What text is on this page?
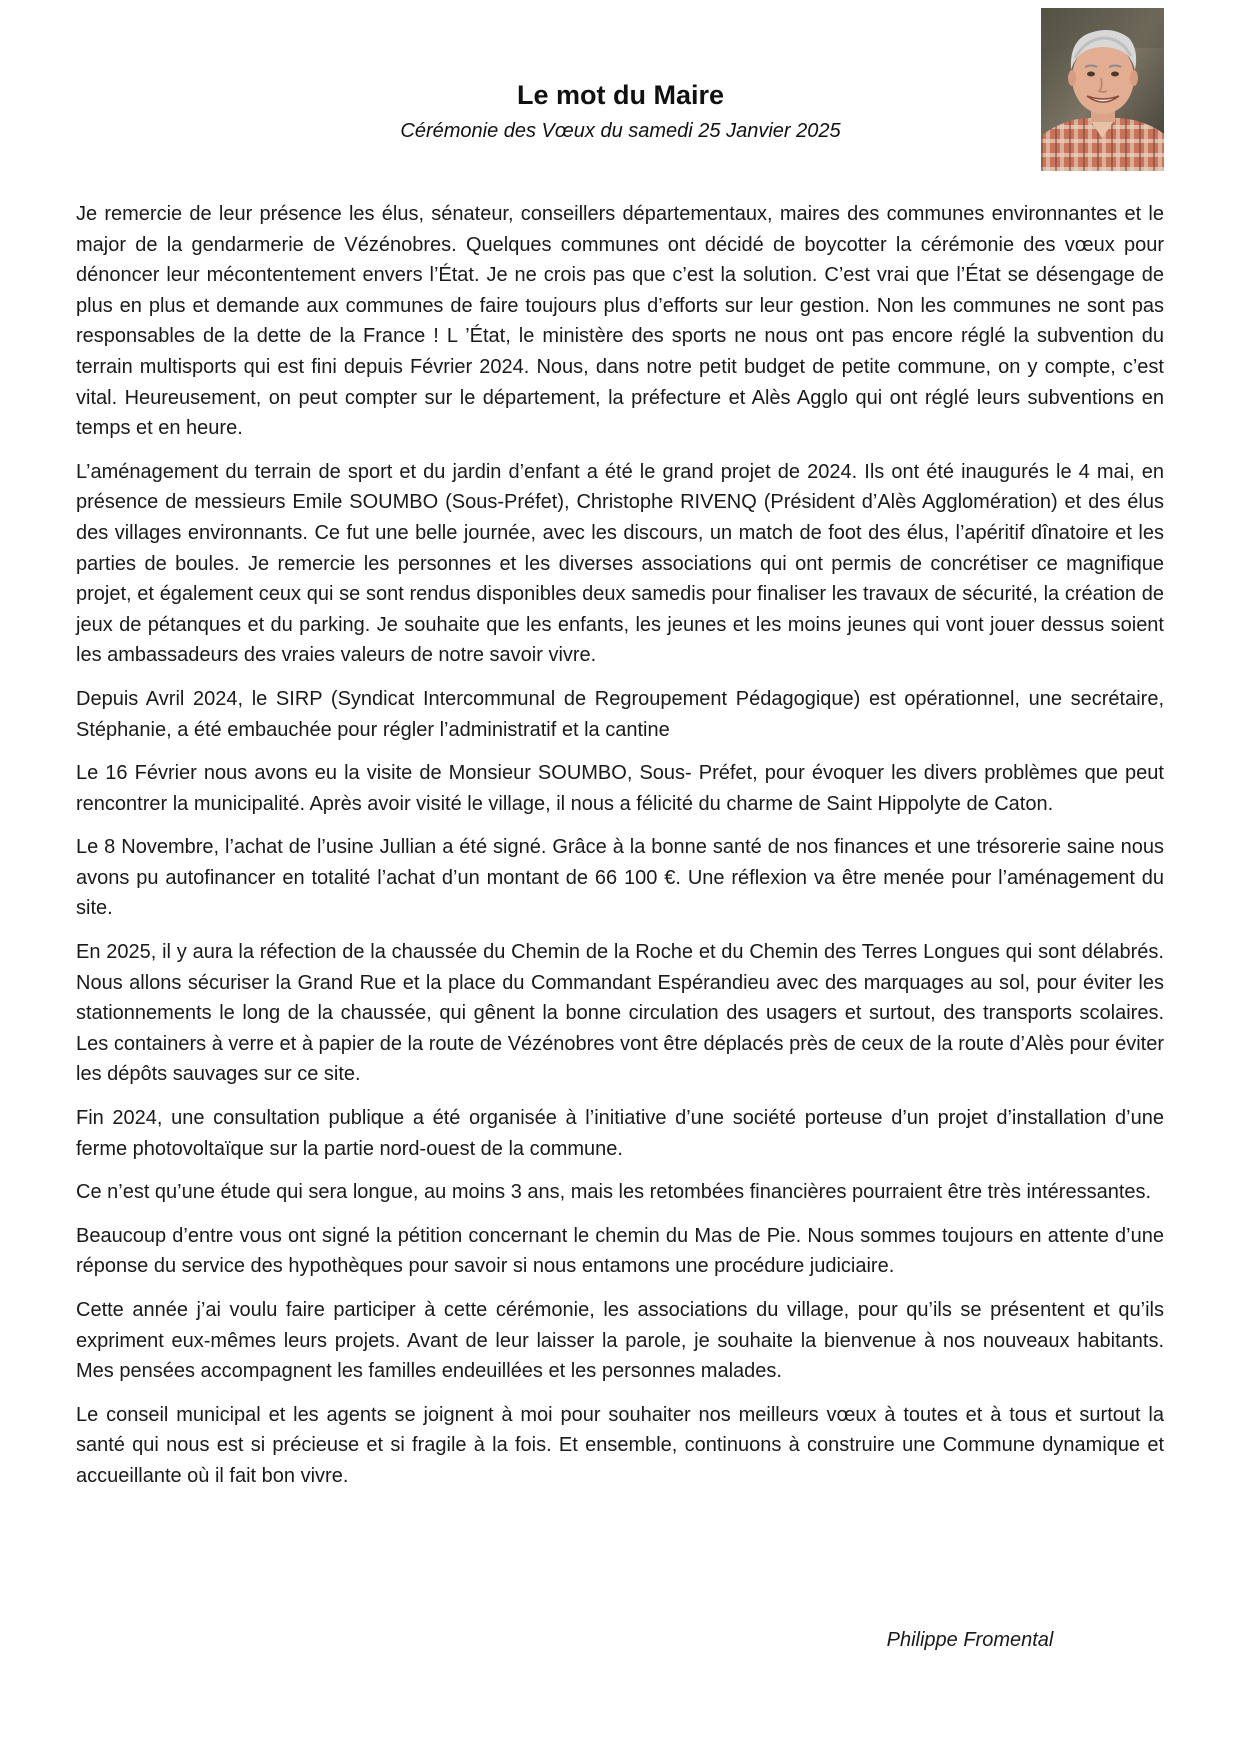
Le mot du Maire

Cérémonie des Vœux du samedi 25 Janvier 2025

Je remercie de leur présence les élus, sénateur, conseillers départementaux, maires des communes environnantes et le major de la gendarmerie de Vézénobres. Quelques communes ont décidé de boycotter la cérémonie des vœux pour dénoncer leur mécontentement envers l’État. Je ne crois pas que c’est la solution. C’est vrai que l’État se désengage de plus en plus et demande aux communes de faire toujours plus d’efforts sur leur gestion. Non les communes ne sont pas responsables de la dette de la France ! L ’État, le ministère des sports ne nous ont pas encore réglé la subvention du terrain multisports qui est fini depuis Février 2024. Nous, dans notre petit budget de petite commune, on y compte, c’est vital. Heureusement, on peut compter sur le département, la préfecture et Alès Agglo qui ont réglé leurs subventions en temps et en heure.

L’aménagement du terrain de sport et du jardin d’enfant a été le grand projet de 2024. Ils ont été inaugurés le 4 mai, en présence de messieurs Emile SOUMBO (Sous-Préfet), Christophe RIVENQ (Président d’Alès Agglomération) et des élus des villages environnants. Ce fut une belle journée, avec les discours, un match de foot des élus, l’apéritif dînatoire et les parties de boules. Je remercie les personnes et les diverses associations qui ont permis de concrétiser ce magnifique projet, et également ceux qui se sont rendus disponibles deux samedis pour finaliser les travaux de sécurité, la création de jeux de pétanques et du parking. Je souhaite que les enfants, les jeunes et les moins jeunes qui vont jouer dessus soient les ambassadeurs des vraies valeurs de notre savoir vivre.

Depuis Avril 2024, le SIRP (Syndicat Intercommunal de Regroupement Pédagogique) est opérationnel, une secrétaire, Stéphanie, a été embauchée pour régler l’administratif et la cantine

Le 16 Février nous avons eu la visite de Monsieur SOUMBO, Sous- Préfet, pour évoquer les divers problèmes que peut rencontrer la municipalité. Après avoir visité le village, il nous a félicité du charme de Saint Hippolyte de Caton.

Le 8 Novembre, l’achat de l’usine Jullian a été signé. Grâce à la bonne santé de nos finances et une trésorerie saine nous avons pu autofinancer en totalité l’achat d’un montant de 66 100 €. Une réflexion va être menée pour l’aménagement du site.

En 2025, il y aura la réfection de la chaussée du Chemin de la Roche et du Chemin des Terres Longues qui sont délabrés. Nous allons sécuriser la Grand Rue et la place du Commandant Espérandieu avec des marquages au sol, pour éviter les stationnements le long de la chaussée, qui gênent la bonne circulation des usagers et surtout, des transports scolaires. Les containers à verre et à papier de la route de Vézénobres vont être déplacés près de ceux de la route d’Alès pour éviter les dépôts sauvages sur ce site.

Fin 2024, une consultation publique a été organisée à l’initiative d’une société porteuse d’un projet d’installation d’une ferme photovoltaïque sur la partie nord-ouest de la commune.

Ce n’est qu’une étude qui sera longue, au moins 3 ans, mais les retombées financières pourraient être très intéressantes.

Beaucoup d’entre vous ont signé la pétition concernant le chemin du Mas de Pie. Nous sommes toujours en attente d’une réponse du service des hypothèques pour savoir si nous entamons une procédure judiciaire.

Cette année j’ai voulu faire participer à cette cérémonie, les associations du village, pour qu’ils se présentent et qu’ils expriment eux-mêmes leurs projets. Avant de leur laisser la parole, je souhaite la bienvenue à nos nouveaux habitants. Mes pensées accompagnent les familles endeuillées et les personnes malades.

Le conseil municipal et les agents se joignent à moi pour souhaiter nos meilleurs vœux à toutes et à tous et surtout la santé qui nous est si précieuse et si fragile à la fois. Et ensemble, continuons à construire une Commune dynamique et accueillante où il fait bon vivre.

Philippe Fromental
